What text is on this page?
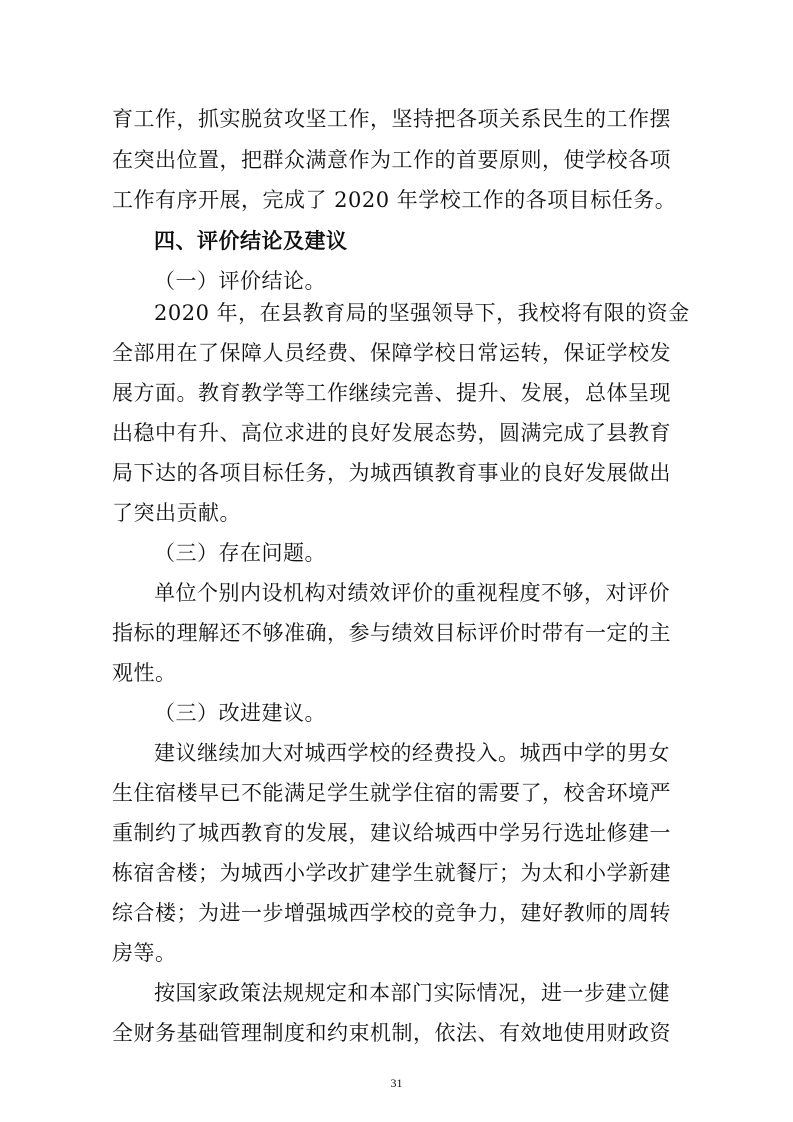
育工作，抓实脱贫攻坚工作，坚持把各项关系民生的工作摆
在突出位置，把群众满意作为工作的首要原则，使学校各项
工作有序开展，完成了 2020 年学校工作的各项目标任务。
四、评价结论及建议
（一）评价结论。
2020 年，在县教育局的坚强领导下，我校将有限的资金
全部用在了保障人员经费、保障学校日常运转，保证学校发
展方面。教育教学等工作继续完善、提升、发展，总体呈现
出稳中有升、高位求进的良好发展态势，圆满完成了县教育
局下达的各项目标任务，为城西镇教育事业的良好发展做出
了突出贡献。
（三）存在问题。
单位个别内设机构对绩效评价的重视程度不够，对评价
指标的理解还不够准确，参与绩效目标评价时带有一定的主
观性。
（三）改进建议。
建议继续加大对城西学校的经费投入。城西中学的男女
生住宿楼早已不能满足学生就学住宿的需要了，校舍环境严
重制约了城西教育的发展，建议给城西中学另行选址修建一
栋宿舍楼；为城西小学改扩建学生就餐厅；为太和小学新建
综合楼；为进一步增强城西学校的竞争力，建好教师的周转
房等。
按国家政策法规规定和本部门实际情况，进一步建立健
全财务基础管理制度和约束机制，依法、有效地使用财政资
31
